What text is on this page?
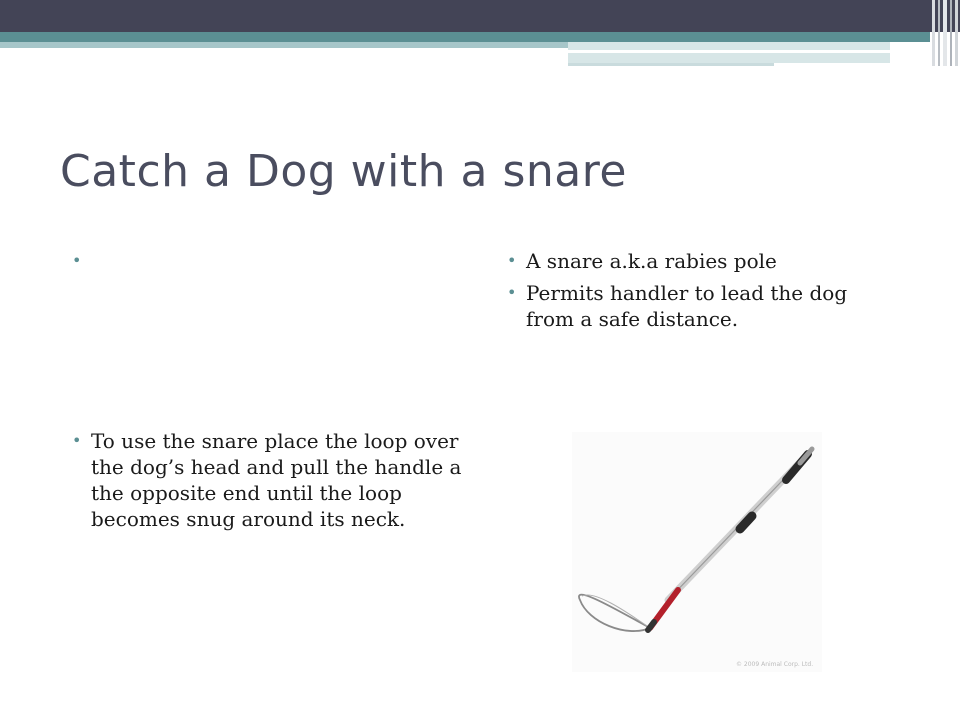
Catch a Dog with a snare
•
• To use the snare place the loop over the dog’s head and pull the handle a the opposite end until the loop becomes snug around its neck.
• A snare a.k.a rabies pole
• Permits handler to lead the dog from a safe distance.
© 2009 Animal Corp. Ltd.
